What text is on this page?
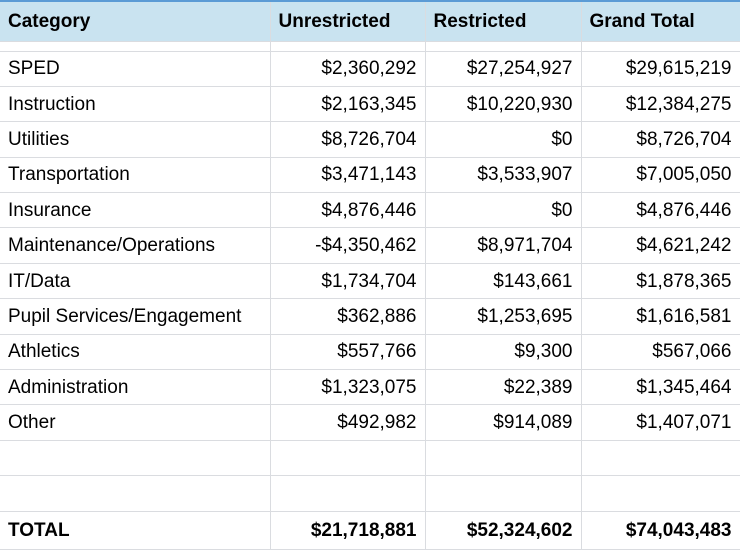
Category	Unrestricted	Restricted	Grand Total

SPED	$2,360,292	$27,254,927	$29,615,219
Instruction	$2,163,345	$10,220,930	$12,384,275
Utilities	$8,726,704	$0	$8,726,704
Transportation	$3,471,143	$3,533,907	$7,005,050
Insurance	$4,876,446	$0	$4,876,446
Maintenance/Operations	-$4,350,462	$8,971,704	$4,621,242
IT/Data	$1,734,704	$143,661	$1,878,365
Pupil Services/Engagement	$362,886	$1,253,695	$1,616,581
Athletics	$557,766	$9,300	$567,066
Administration	$1,323,075	$22,389	$1,345,464
Other	$492,982	$914,089	$1,407,071

TOTAL	$21,718,881	$52,324,602	$74,043,483
